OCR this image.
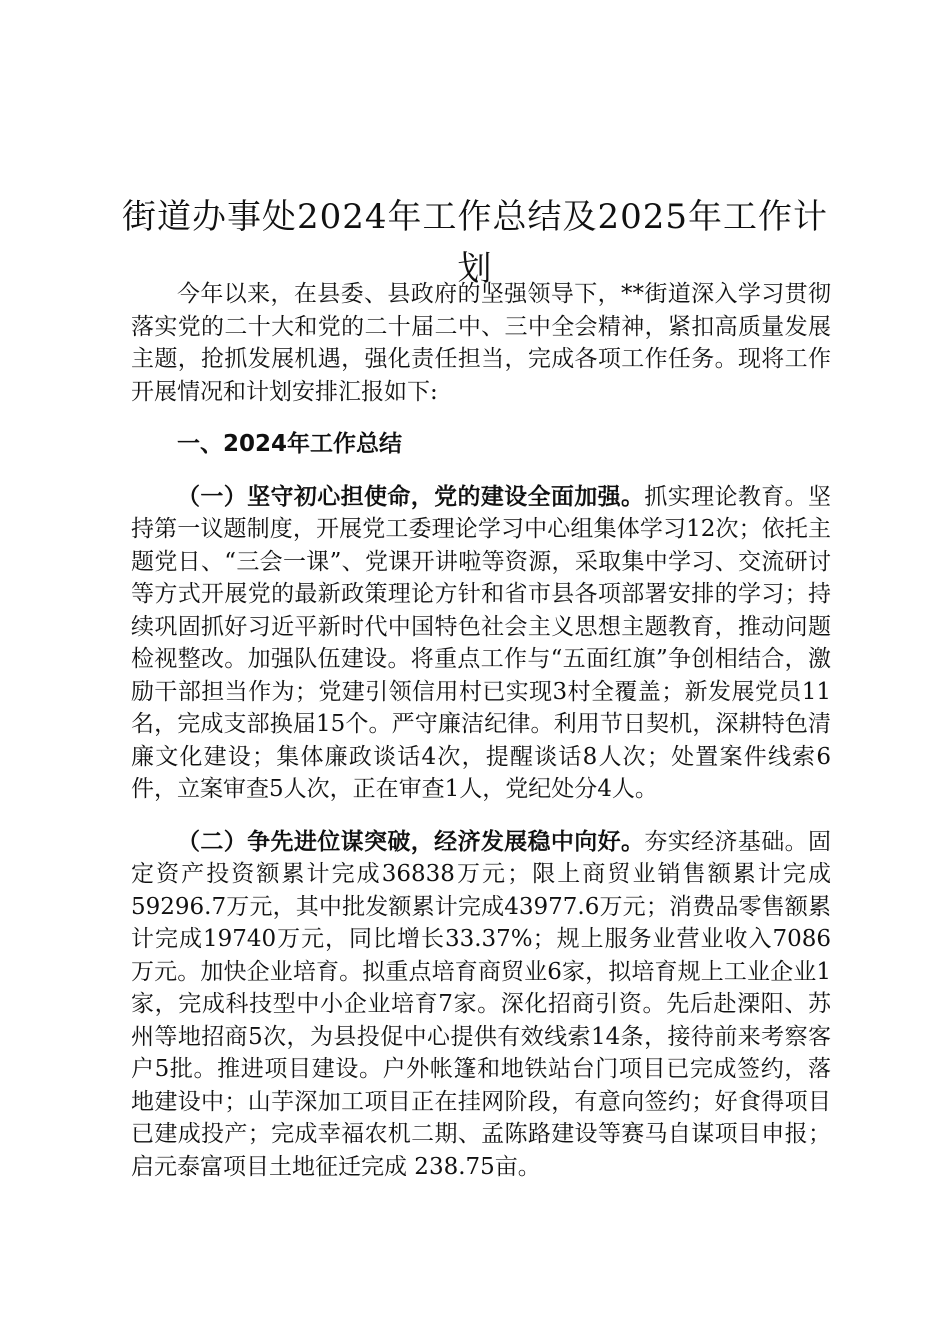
街道办事处2024年工作总结及2025年工作计划

今年以来，在县委、县政府的坚强领导下，**街道深入学习贯彻落实党的二十大和党的二十届二中、三中全会精神，紧扣高质量发展主题，抢抓发展机遇，强化责任担当，完成各项工作任务。现将工作开展情况和计划安排汇报如下:

一、2024年工作总结

（一）坚守初心担使命，党的建设全面加强。抓实理论教育。坚持第一议题制度，开展党工委理论学习中心组集体学习12次；依托主题党日、“三会一课”、党课开讲啦等资源，采取集中学习、交流研讨等方式开展党的最新政策理论方针和省市县各项部署安排的学习；持续巩固抓好习近平新时代中国特色社会主义思想主题教育，推动问题检视整改。加强队伍建设。将重点工作与“五面红旗”争创相结合，激励干部担当作为；党建引领信用村已实现3村全覆盖；新发展党员11名，完成支部换届15个。严守廉洁纪律。利用节日契机，深耕特色清廉文化建设；集体廉政谈话4次，提醒谈话8人次；处置案件线索6件，立案审查5人次，正在审查1人，党纪处分4人。

（二）争先进位谋突破，经济发展稳中向好。夯实经济基础。固定资产投资额累计完成36838万元；限上商贸业销售额累计完成59296.7万元，其中批发额累计完成43977.6万元；消费品零售额累计完成19740万元，同比增长33.37%；规上服务业营业收入7086万元。加快企业培育。拟重点培育商贸业6家，拟培育规上工业企业1家，完成科技型中小企业培育7家。深化招商引资。先后赴溧阳、苏州等地招商5次，为县投促中心提供有效线索14条，接待前来考察客户5批。推进项目建设。户外帐篷和地铁站台门项目已完成签约，落地建设中；山芋深加工项目正在挂网阶段，有意向签约；好食得项目已建成投产；完成幸福农机二期、孟陈路建设等赛马自谋项目申报；启元泰富项目土地征迁完成 238.75亩。
